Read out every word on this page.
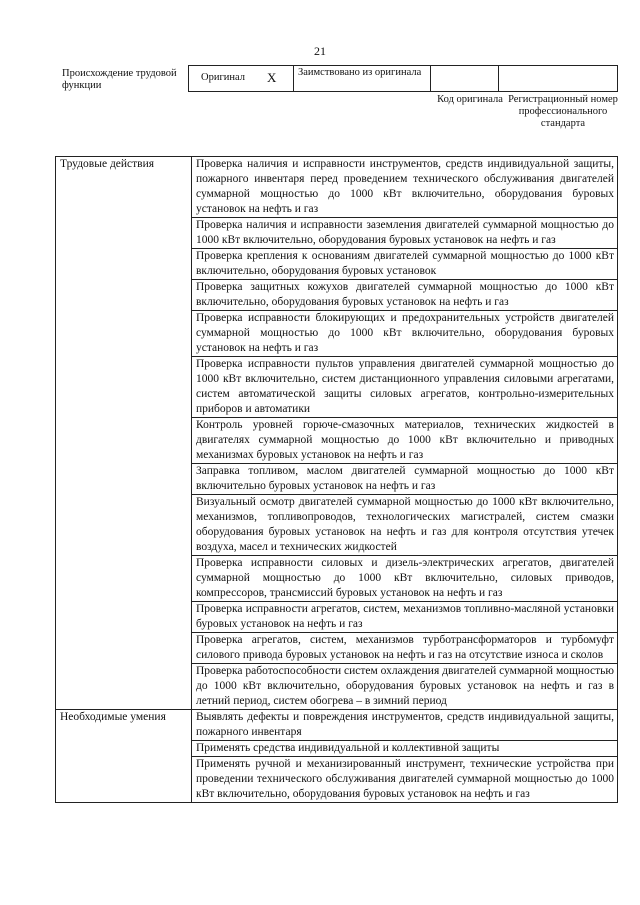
21
Происхождение трудовой функции
Оригинал X	Заимствовано из оригинала
Код оригинала Регистрационный номер профессионального стандарта
Трудовые действия	Проверка наличия и исправности инструментов, средств индивидуальной защиты, пожарного инвентаря перед проведением технического обслуживания двигателей суммарной мощностью до 1000 кВт включительно, оборудования буровых установок на нефть и газ
	Проверка наличия и исправности заземления двигателей суммарной мощностью до 1000 кВт включительно, оборудования буровых установок на нефть и газ
	Проверка крепления к основаниям двигателей суммарной мощностью до 1000 кВт включительно, оборудования буровых установок
	Проверка защитных кожухов двигателей суммарной мощностью до 1000 кВт включительно, оборудования буровых установок на нефть и газ
	Проверка исправности блокирующих и предохранительных устройств двигателей суммарной мощностью до 1000 кВт включительно, оборудования буровых установок на нефть и газ
	Проверка исправности пультов управления двигателей суммарной мощностью до 1000 кВт включительно, систем дистанционного управления силовыми агрегатами, систем автоматической защиты силовых агрегатов, контрольно-измерительных приборов и автоматики
	Контроль уровней горюче-смазочных материалов, технических жидкостей в двигателях суммарной мощностью до 1000 кВт включительно и приводных механизмах буровых установок на нефть и газ
	Заправка топливом, маслом двигателей суммарной мощностью до 1000 кВт включительно буровых установок на нефть и газ
	Визуальный осмотр двигателей суммарной мощностью до 1000 кВт включительно, механизмов, топливопроводов, технологических магистралей, систем смазки оборудования буровых установок на нефть и газ для контроля отсутствия утечек воздуха, масел и технических жидкостей
	Проверка исправности силовых и дизель-электрических агрегатов, двигателей суммарной мощностью до 1000 кВт включительно, силовых приводов, компрессоров, трансмиссий буровых установок на нефть и газ
	Проверка исправности агрегатов, систем, механизмов топливно-масляной установки буровых установок на нефть и газ
	Проверка агрегатов, систем, механизмов турботрансформаторов и турбомуфт силового привода буровых установок на нефть и газ на отсутствие износа и сколов
	Проверка работоспособности систем охлаждения двигателей суммарной мощностью до 1000 кВт включительно, оборудования буровых установок на нефть и газ в летний период, систем обогрева – в зимний период
Необходимые умения	Выявлять дефекты и повреждения инструментов, средств индивидуальной защиты, пожарного инвентаря
	Применять средства индивидуальной и коллективной защиты
	Применять ручной и механизированный инструмент, технические устройства при проведении технического обслуживания двигателей суммарной мощностью до 1000 кВт включительно, оборудования буровых установок на нефть и газ
